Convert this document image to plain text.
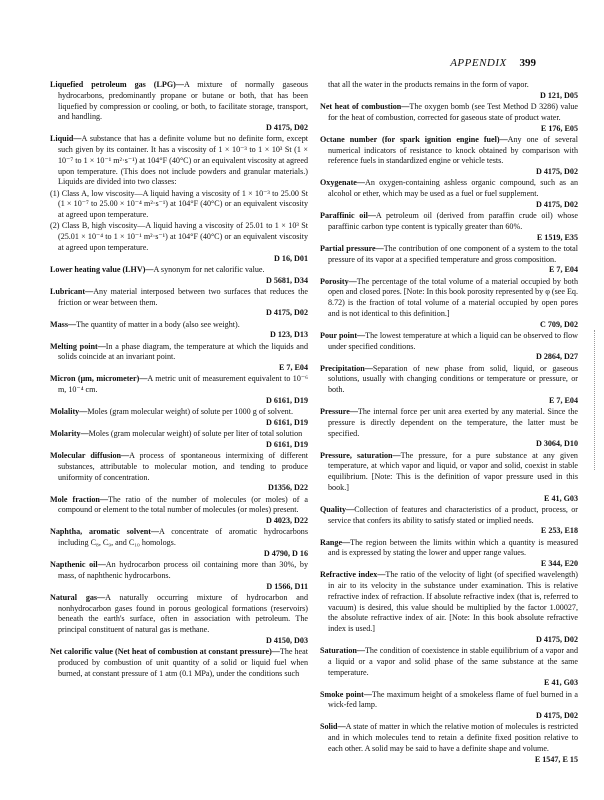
APPENDIX 399
Liquefied petroleum gas (LPG)—A mixture of normally gaseous hydrocarbons, predominantly propane or butane or both, that has been liquefied by compression or cooling, or both, to facilitate storage, transport, and handling.
D 4175, D02
Liquid—A substance that has a definite volume but no definite form, except such given by its container. It has a viscosity of 1 × 10⁻³ to 1 × 10³ St (1 × 10⁻⁷ to 1 × 10⁻¹ m²·s⁻¹) at 104°F (40°C) or an equivalent viscosity at agreed upon temperature. (This does not include powders and granular materials.) Liquids are divided into two classes:
(1) Class A, low viscosity—A liquid having a viscosity of 1 × 10⁻³ to 25.00 St (1 × 10⁻⁷ to 25.00 × 10⁻⁴ m²·s⁻¹) at 104°F (40°C) or an equivalent viscosity at agreed upon temperature.
(2) Class B, high viscosity—A liquid having a viscosity of 25.01 to 1 × 10³ St (25.01 × 10⁻⁴ to 1 × 10⁻¹ m²·s⁻¹) at 104°F (40°C) or an equivalent viscosity at agreed upon temperature.
D 16, D01
Lower heating value (LHV)—A synonym for net calorific value.
D 5681, D34
Lubricant—Any material interposed between two surfaces that reduces the friction or wear between them.
D 4175, D02
Mass—The quantity of matter in a body (also see weight).
D 123, D13
Melting point—In a phase diagram, the temperature at which the liquids and solids coincide at an invariant point.
E 7, E04
Micron (μm, micrometer)—A metric unit of measurement equivalent to 10⁻⁶ m, 10⁻⁴ cm.
D 6161, D19
Molality—Moles (gram molecular weight) of solute per 1000 g of solvent.
D 6161, D19
Molarity—Moles (gram molecular weight) of solute per liter of total solution
D 6161, D19
Molecular diffusion—A process of spontaneous intermixing of different substances, attributable to molecular motion, and tending to produce uniformity of concentration.
D1356, D22
Mole fraction—The ratio of the number of molecules (or moles) of a compound or element to the total number of molecules (or moles) present.
D 4023, D22
Naphtha, aromatic solvent—A concentrate of aromatic hydrocarbons including C₈, C₉, and C₁₀ homologs.
D 4790, D 16
Napthenic oil—An hydrocarbon process oil containing more than 30%, by mass, of naphthenic hydrocarbons.
D 1566, D11
Natural gas—A naturally occurring mixture of hydrocarbon and nonhydrocarbon gases found in porous geological formations (reservoirs) beneath the earth's surface, often in association with petroleum. The principal constituent of natural gas is methane.
D 4150, D03
Net calorific value (Net heat of combustion at constant pressure)—The heat produced by combustion of unit quantity of a solid or liquid fuel when burned, at constant pressure of 1 atm (0.1 MPa), under the conditions such
that all the water in the products remains in the form of vapor.
D 121, D05
Net heat of combustion—The oxygen bomb (see Test Method D 3286) value for the heat of combustion, corrected for gaseous state of product water.
E 176, E05
Octane number (for spark ignition engine fuel)—Any one of several numerical indicators of resistance to knock obtained by comparison with reference fuels in standardized engine or vehicle tests.
D 4175, D02
Oxygenate—An oxygen-containing ashless organic compound, such as an alcohol or ether, which may be used as a fuel or fuel supplement.
D 4175, D02
Paraffinic oil—A petroleum oil (derived from paraffin crude oil) whose paraffinic carbon type content is typically greater than 60%.
E 1519, E35
Partial pressure—The contribution of one component of a system to the total pressure of its vapor at a specified temperature and gross composition.
E 7, E04
Porosity—The percentage of the total volume of a material occupied by both open and closed pores. [Note: In this book porosity represented by φ (see Eq. 8.72) is the fraction of total volume of a material occupied by open pores and is not identical to this definition.]
C 709, D02
Pour point—The lowest temperature at which a liquid can be observed to flow under specified conditions.
D 2864, D27
Precipitation—Separation of new phase from solid, liquid, or gaseous solutions, usually with changing conditions or temperature or pressure, or both.
E 7, E04
Pressure—The internal force per unit area exerted by any material. Since the pressure is directly dependent on the temperature, the latter must be specified.
D 3064, D10
Pressure, saturation—The pressure, for a pure substance at any given temperature, at which vapor and liquid, or vapor and solid, coexist in stable equilibrium. [Note: This is the definition of vapor pressure used in this book.]
E 41, G03
Quality—Collection of features and characteristics of a product, process, or service that confers its ability to satisfy stated or implied needs.
E 253, E18
Range—The region between the limits within which a quantity is measured and is expressed by stating the lower and upper range values.
E 344, E20
Refractive index—The ratio of the velocity of light (of specified wavelength) in air to its velocity in the substance under examination. This is relative refractive index of refraction. If absolute refractive index (that is, referred to vacuum) is desired, this value should be multiplied by the factor 1.00027, the absolute refractive index of air. [Note: In this book absolute refractive index is used.]
D 4175, D02
Saturation—The condition of coexistence in stable equilibrium of a vapor and a liquid or a vapor and solid phase of the same substance at the same temperature.
E 41, G03
Smoke point—The maximum height of a smokeless flame of fuel burned in a wick-fed lamp.
D 4175, D02
Solid—A state of matter in which the relative motion of molecules is restricted and in which molecules tend to retain a definite fixed position relative to each other. A solid may be said to have a definite shape and volume.
E 1547, E 15
